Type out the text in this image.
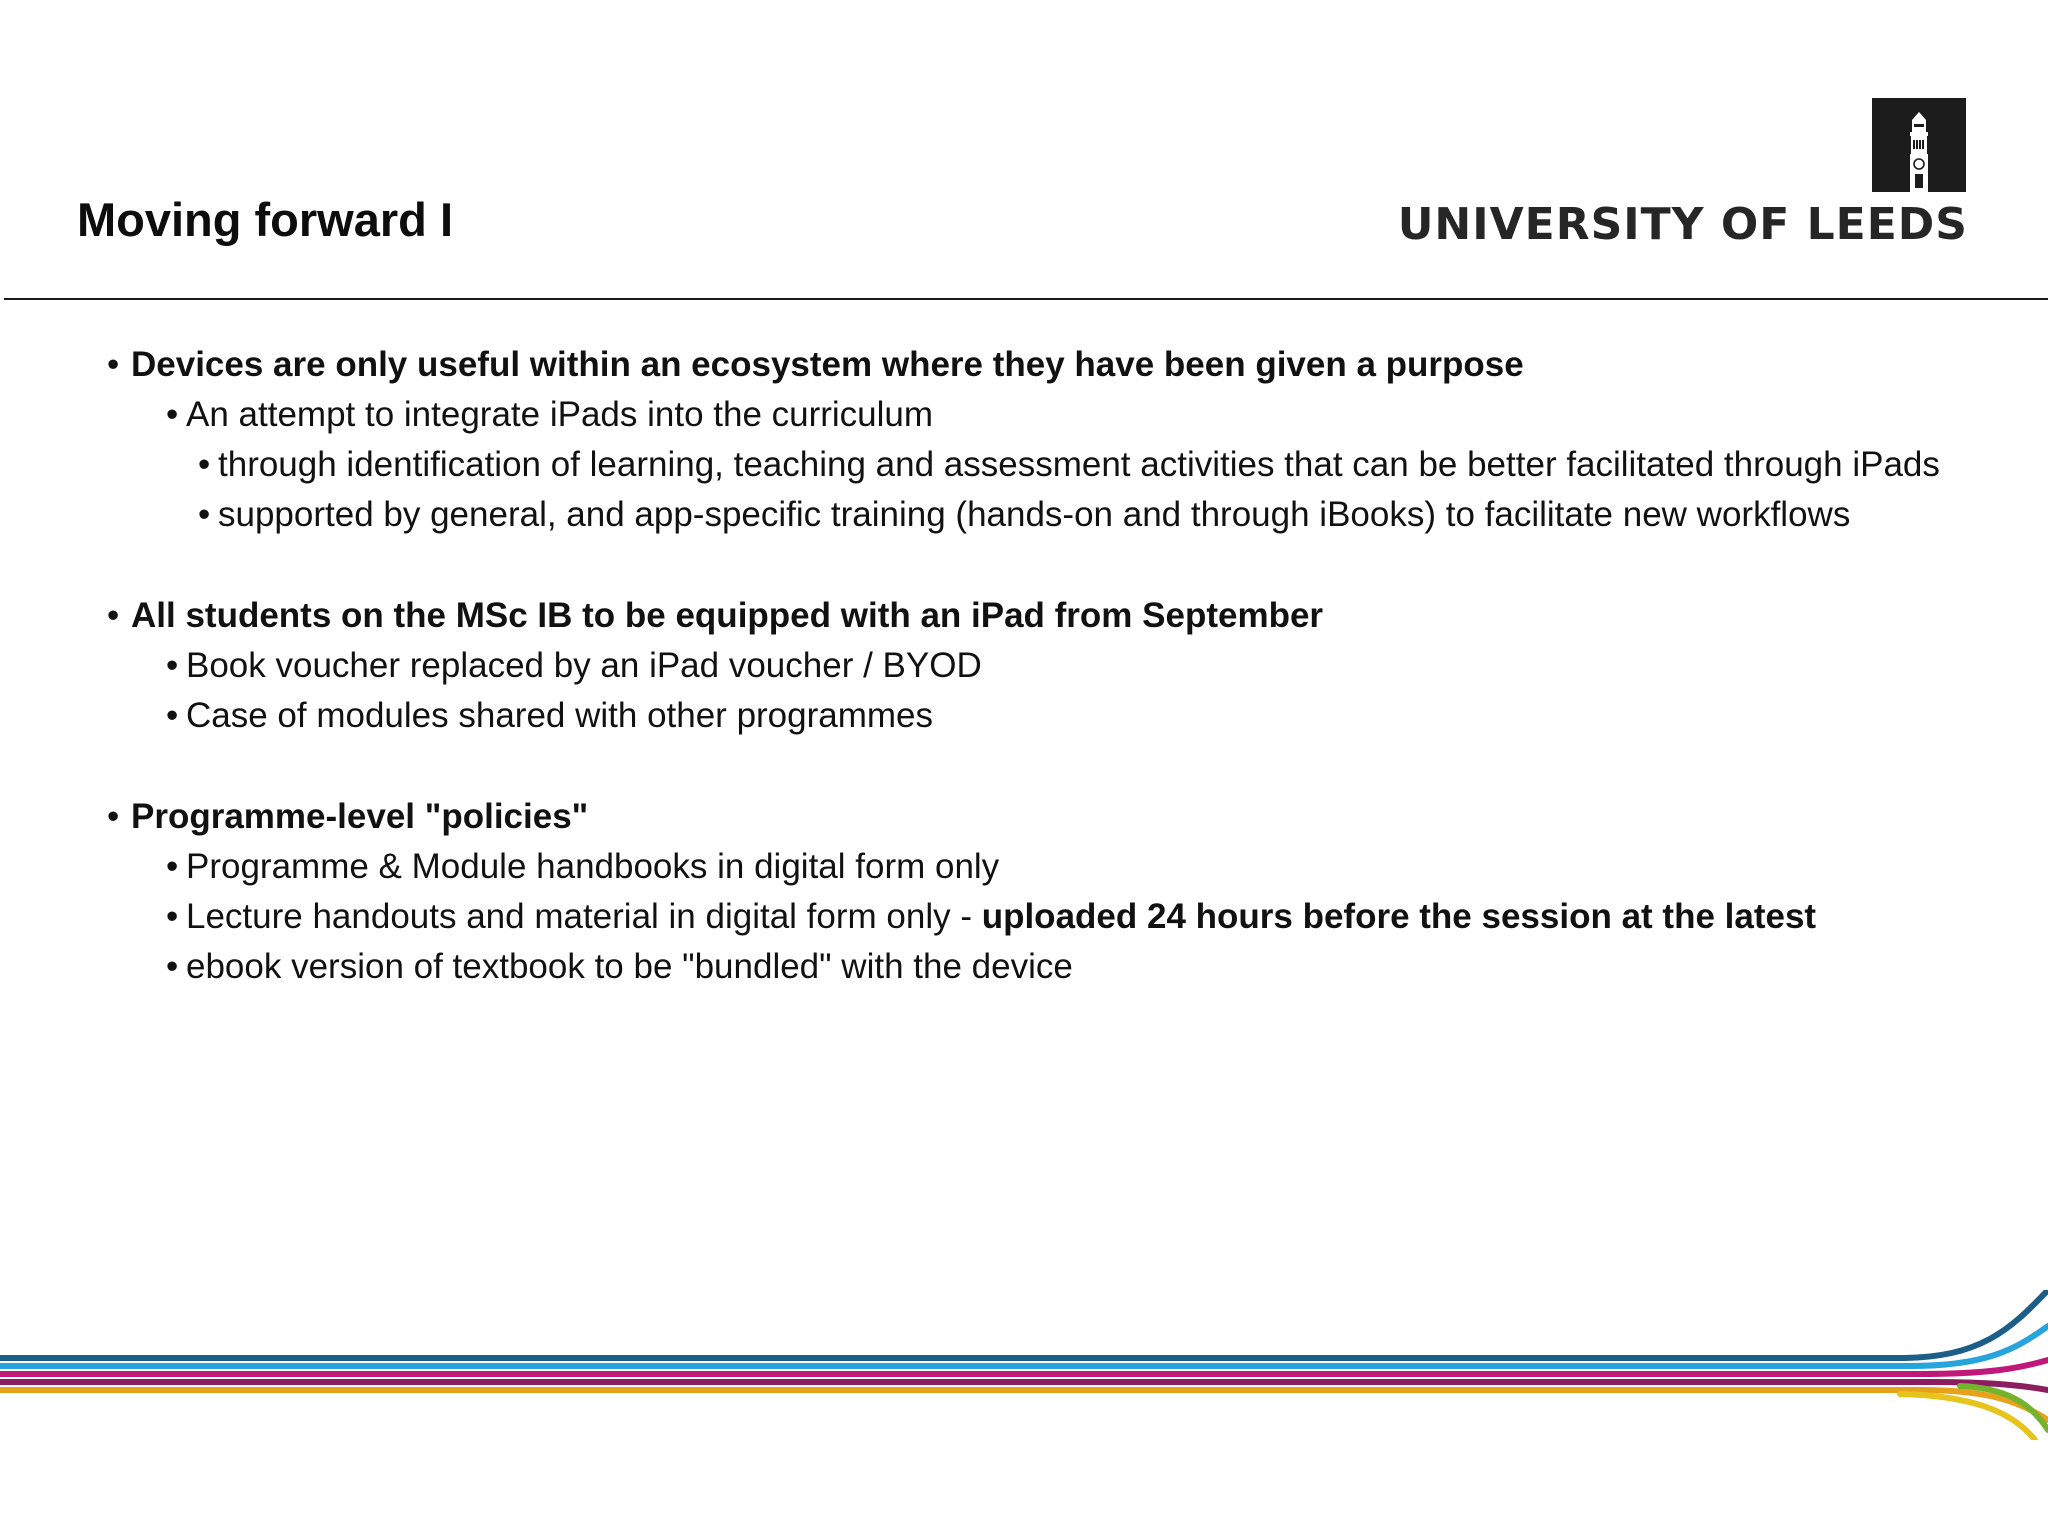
Moving forward I	UNIVERSITY OF LEEDS
• Devices are only useful within an ecosystem where they have been given a purpose
• An attempt to integrate iPads into the curriculum
• through identification of learning, teaching and assessment activities that can be better facilitated through iPads
• supported by general, and app-specific training (hands-on and through iBooks) to facilitate new workflows
• All students on the MSc IB to be equipped with an iPad from September
• Book voucher replaced by an iPad voucher / BYOD
• Case of modules shared with other programmes
• Programme-level "policies"
• Programme & Module handbooks in digital form only
• Lecture handouts and material in digital form only - uploaded 24 hours before the session at the latest
• ebook version of textbook to be "bundled" with the device
